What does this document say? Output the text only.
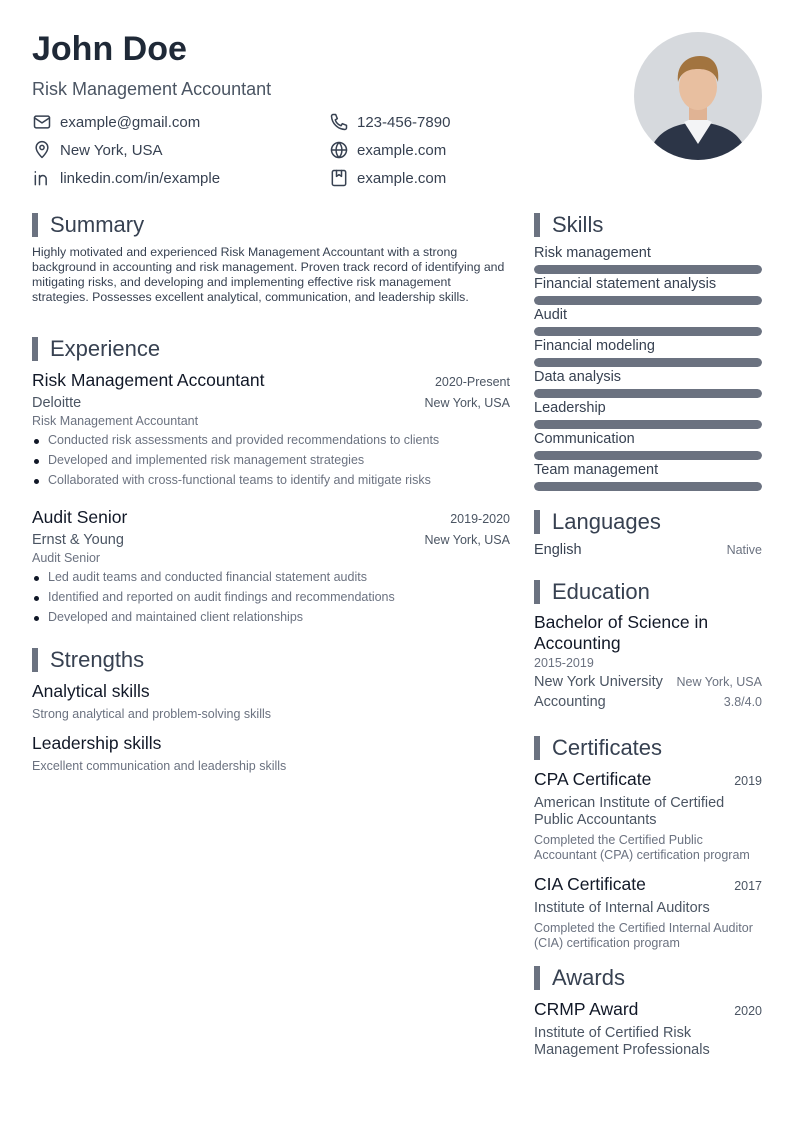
John Doe
Risk Management Accountant
example@gmail.com
New York, USA
linkedin.com/in/example
123-456-7890
example.com
example.com
Summary
Highly motivated and experienced Risk Management Accountant with a strong background in accounting and risk management. Proven track record of identifying and mitigating risks, and developing and implementing effective risk management strategies. Possesses excellent analytical, communication, and leadership skills.
Experience
Risk Management Accountant	2020-Present
Deloitte	New York, USA
Risk Management Accountant
Conducted risk assessments and provided recommendations to clients
Developed and implemented risk management strategies
Collaborated with cross-functional teams to identify and mitigate risks
Audit Senior	2019-2020
Ernst & Young	New York, USA
Audit Senior
Led audit teams and conducted financial statement audits
Identified and reported on audit findings and recommendations
Developed and maintained client relationships
Strengths
Analytical skills
Strong analytical and problem-solving skills
Leadership skills
Excellent communication and leadership skills
Skills
Risk management
Financial statement analysis
Audit
Financial modeling
Data analysis
Leadership
Communication
Team management
Languages
English	Native
Education
Bachelor of Science in Accounting
2015-2019
New York University New York, USA
Accounting	3.8/4.0
Certificates
CPA Certificate	2019
American Institute of Certified Public Accountants
Completed the Certified Public Accountant (CPA) certification program
CIA Certificate	2017
Institute of Internal Auditors
Completed the Certified Internal Auditor (CIA) certification program
Awards
CRMP Award	2020
Institute of Certified Risk Management Professionals
